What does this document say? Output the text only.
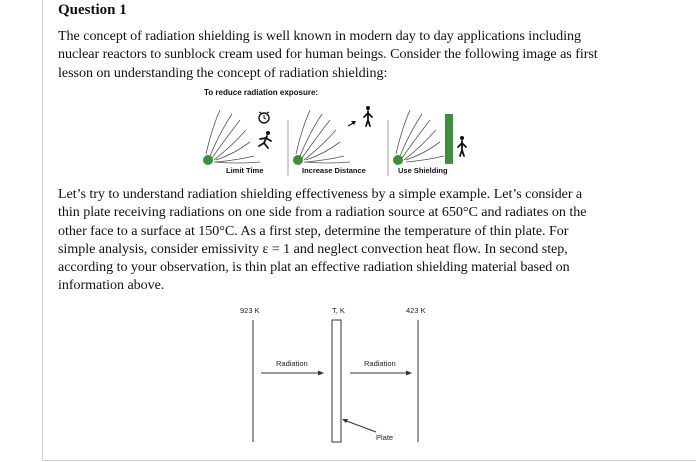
Question 1

The concept of radiation shielding is well known in modern day to day applications including
nuclear reactors to sunblock cream used for human beings. Consider the following image as first
lesson on understanding the concept of radiation shielding:

To reduce radiation exposure:

Limit Time	Increase Distance	Use Shielding

Let’s try to understand radiation shielding effectiveness by a simple example. Let’s consider a
thin plate receiving radiations on one side from a radiation source at 650°C and radiates on the
other face to a surface at 150°C. As a first step, determine the temperature of thin plate. For
simple analysis, consider emissivity ε = 1 and neglect convection heat flow. In second step,
according to your observation, is thin plat an effective radiation shielding material based on
information above.

923 K	T, K	423 K
Radiation	Radiation
Plate
